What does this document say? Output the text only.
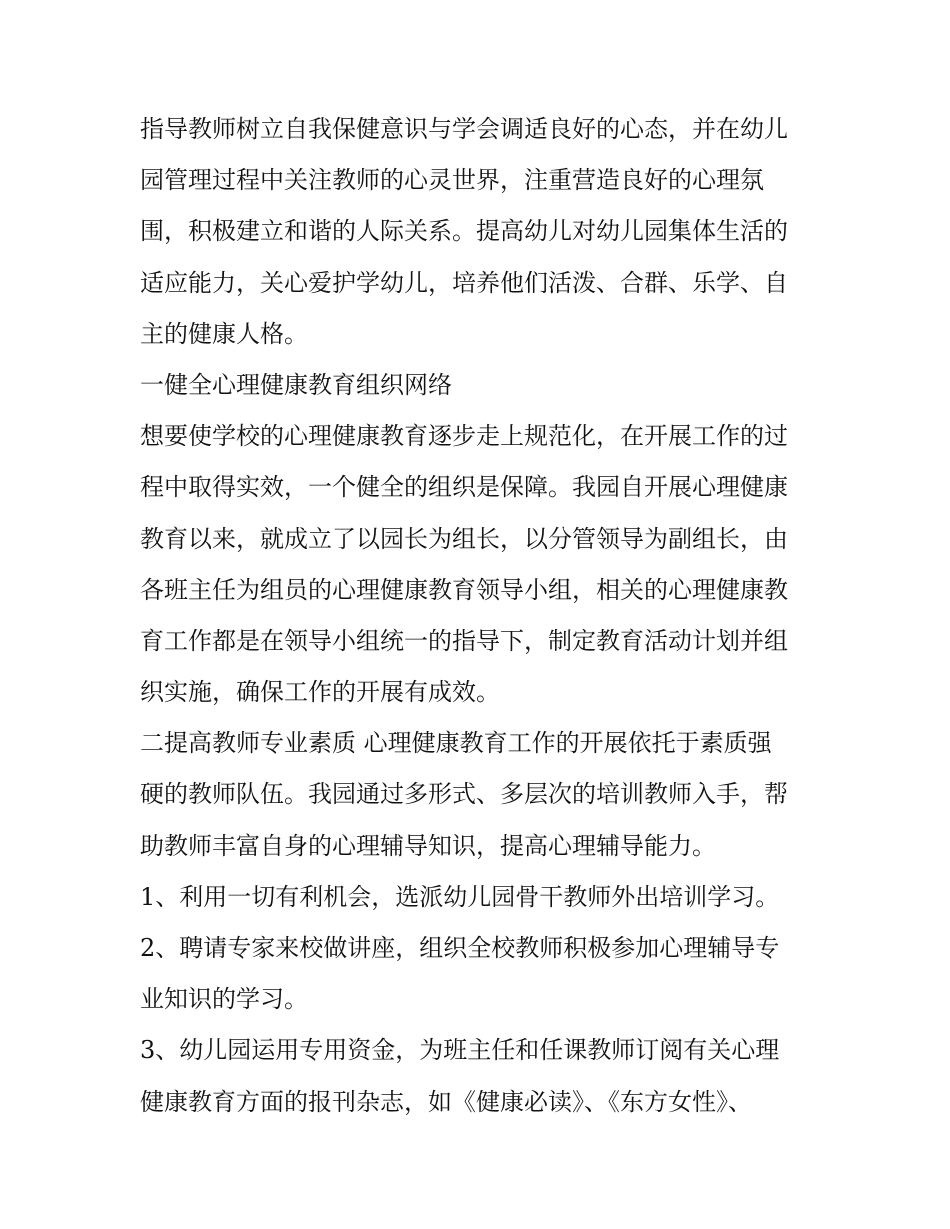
指导教师树立自我保健意识与学会调适良好的心态，并在幼儿
园管理过程中关注教师的心灵世界，注重营造良好的心理氛
围，积极建立和谐的人际关系。提高幼儿对幼儿园集体生活的
适应能力，关心爱护学幼儿，培养他们活泼、合群、乐学、自
主的健康人格。
一健全心理健康教育组织网络
想要使学校的心理健康教育逐步走上规范化，在开展工作的过
程中取得实效，一个健全的组织是保障。我园自开展心理健康
教育以来，就成立了以园长为组长，以分管领导为副组长，由
各班主任为组员的心理健康教育领导小组，相关的心理健康教
育工作都是在领导小组统一的指导下，制定教育活动计划并组
织实施，确保工作的开展有成效。
二提高教师专业素质 心理健康教育工作的开展依托于素质强
硬的教师队伍。我园通过多形式、多层次的培训教师入手，帮
助教师丰富自身的心理辅导知识，提高心理辅导能力。
1、利用一切有利机会，选派幼儿园骨干教师外出培训学习。
2、聘请专家来校做讲座，组织全校教师积极参加心理辅导专
业知识的学习。
3、幼儿园运用专用资金，为班主任和任课教师订阅有关心理
健康教育方面的报刊杂志，如《健康必读》、《东方女性》、
